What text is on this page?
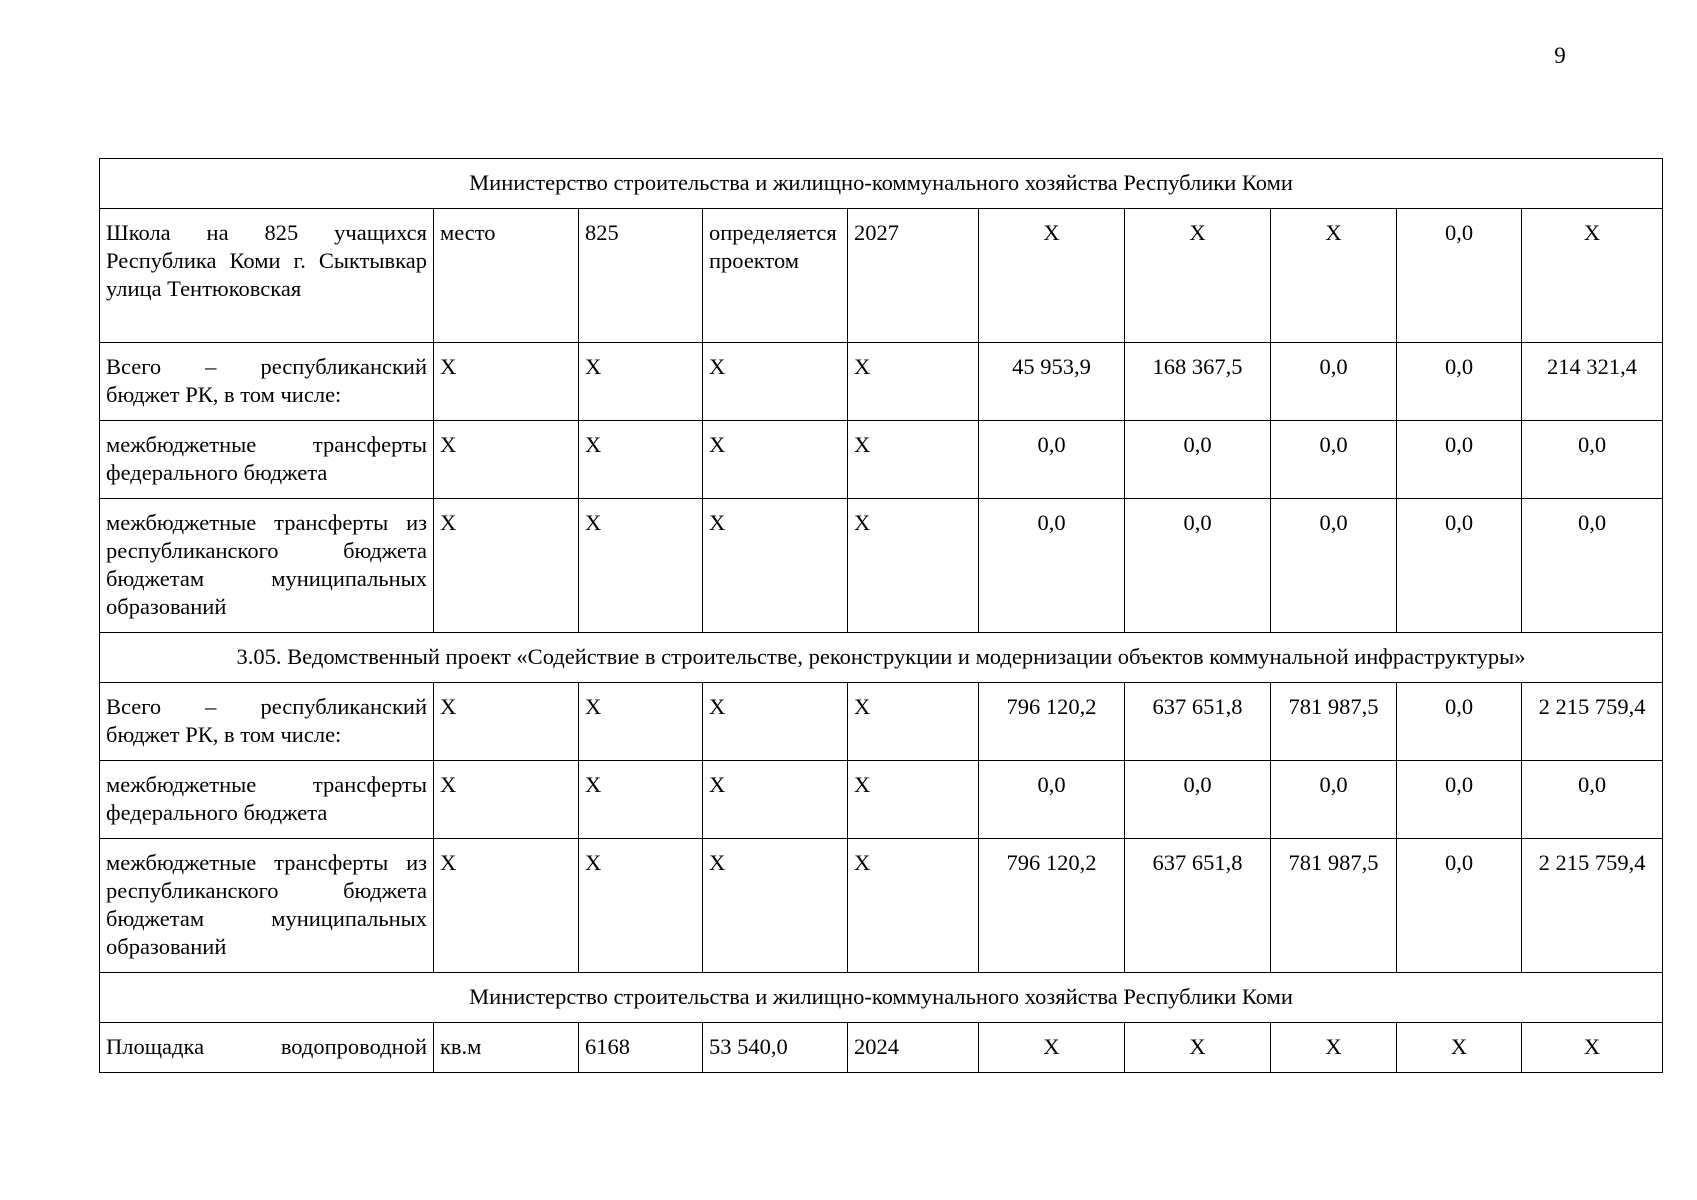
9
Министерство строительства и жилищно-коммунального хозяйства Республики Коми									
Школа на 825 учащихся Республика Коми г. Сыктывкар улица Тентюковская	место	825	определяется проектом	2027	Х	Х	Х	0,0	Х
Всего – республиканский бюджет РК, в том числе:	Х	Х	Х	Х	45 953,9	168 367,5	0,0	0,0	214 321,4
межбюджетные трансферты федерального бюджета	Х	Х	Х	Х	0,0	0,0	0,0	0,0	0,0
межбюджетные трансферты из республиканского бюджета бюджетам муниципальных образований	Х	Х	Х	Х	0,0	0,0	0,0	0,0	0,0
3.05. Ведомственный проект «Содействие в строительстве, реконструкции и модернизации объектов коммунальной инфраструктуры»									
Всего – республиканский бюджет РК, в том числе:	Х	Х	Х	Х	796 120,2	637 651,8	781 987,5	0,0	2 215 759,4
межбюджетные трансферты федерального бюджета	Х	Х	Х	Х	0,0	0,0	0,0	0,0	0,0
межбюджетные трансферты из республиканского бюджета бюджетам муниципальных образований	Х	Х	Х	Х	796 120,2	637 651,8	781 987,5	0,0	2 215 759,4
Министерство строительства и жилищно-коммунального хозяйства Республики Коми									
Площадка водопроводной	кв.м	6168	53 540,0	2024	Х	Х	Х	Х	Х
